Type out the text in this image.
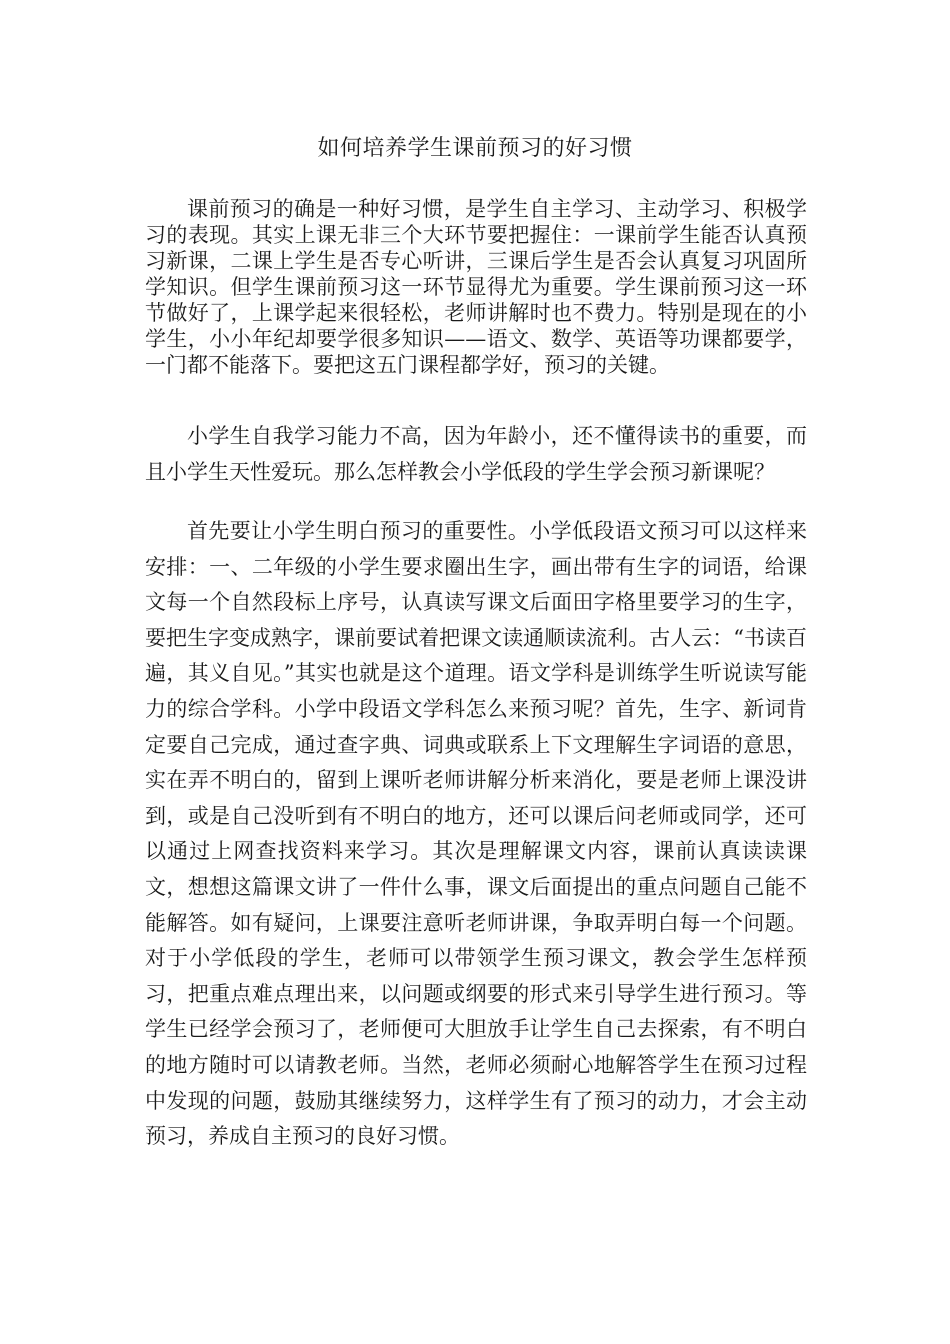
如何培养学生课前预习的好习惯

课前预习的确是一种好习惯，是学生自主学习、主动学习、积极学习的表现。其实上课无非三个大环节要把握住：一课前学生能否认真预习新课，二课上学生是否专心听讲，三课后学生是否会认真复习巩固所学知识。但学生课前预习这一环节显得尤为重要。学生课前预习这一环节做好了，上课学起来很轻松，老师讲解时也不费力。特别是现在的小学生，小小年纪却要学很多知识——语文、数学、英语等功课都要学，一门都不能落下。要把这五门课程都学好，预习的关键。

小学生自我学习能力不高，因为年龄小，还不懂得读书的重要，而且小学生天性爱玩。那么怎样教会小学低段的学生学会预习新课呢？

首先要让小学生明白预习的重要性。小学低段语文预习可以这样来安排：一、二年级的小学生要求圈出生字，画出带有生字的词语，给课文每一个自然段标上序号，认真读写课文后面田字格里要学习的生字，要把生字变成熟字，课前要试着把课文读通顺读流利。古人云：“书读百遍，其义自见。”其实也就是这个道理。语文学科是训练学生听说读写能力的综合学科。小学中段语文学科怎么来预习呢？首先，生字、新词肯定要自己完成，通过查字典、词典或联系上下文理解生字词语的意思，实在弄不明白的，留到上课听老师讲解分析来消化，要是老师上课没讲到，或是自己没听到有不明白的地方，还可以课后问老师或同学，还可以通过上网查找资料来学习。其次是理解课文内容，课前认真读读课文，想想这篇课文讲了一件什么事，课文后面提出的重点问题自己能不能解答。如有疑问，上课要注意听老师讲课，争取弄明白每一个问题。对于小学低段的学生，老师可以带领学生预习课文，教会学生怎样预习，把重点难点理出来，以问题或纲要的形式来引导学生进行预习。等学生已经学会预习了，老师便可大胆放手让学生自己去探索，有不明白的地方随时可以请教老师。当然，老师必须耐心地解答学生在预习过程中发现的问题，鼓励其继续努力，这样学生有了预习的动力，才会主动预习，养成自主预习的良好习惯。
